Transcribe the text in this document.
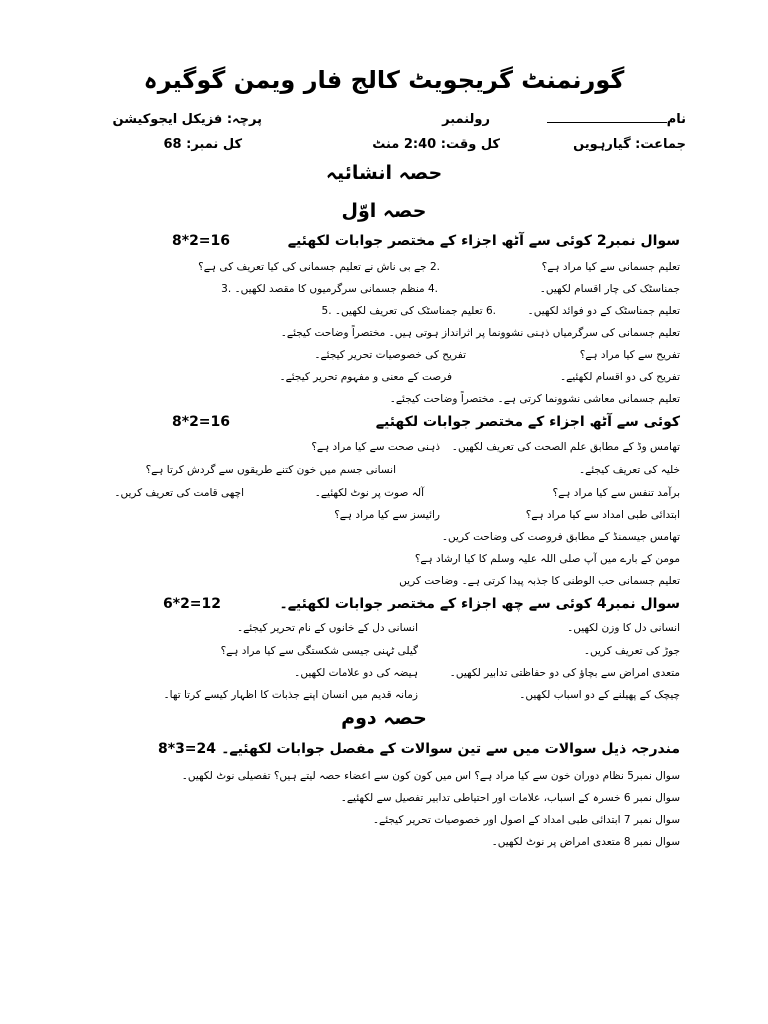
گورنمنٹ گریجویٹ کالج فار ویمن گوگیرہ
نام
رولنمبر
پرچہ: فزیکل ایجوکیشن
جماعت: گیارہویں
کل وقت: 2:40 منٹ
کل نمبر: 68
حصہ انشائیہ
حصہ اوّل
سوال نمبر2 کوئی سے آٹھ اجزاء کے مختصر جوابات لکھئیے
8*2=16
تعلیم جسمانی سے کیا مراد ہے؟
.2 جے بی ناش نے تعلیم جسمانی کی کیا تعریف کی ہے؟
جمناسٹک کی چار اقسام لکھیں۔
.4 منظم جسمانی سرگرمیوں کا مقصد لکھیں۔ .3
تعلیم جمناسٹک کے دو فوائد لکھیں۔
.6 تعلیم جمناسٹک کی تعریف لکھیں۔ .5
تعلیم جسمانی کی سرگرمیاں ذہنی نشوونما پر اثرانداز ہوتی ہیں۔ مختصراً وضاحت کیجئے۔
تفریح سے کیا مراد ہے؟
تفریح کی خصوصیات تحریر کیجئے۔
تفریح کی دو اقسام لکھئیے۔
فرصت کے معنی و مفہوم تحریر کیجئے۔
تعلیم جسمانی معاشی نشوونما کرتی ہے۔ مختصراً وضاحت کیجئے۔
کوئی سے آٹھ اجزاء کے مختصر جوابات لکھئیے
8*2=16
تھامس وڈ کے مطابق علم الصحت کی تعریف لکھیں۔
ذہنی صحت سے کیا مراد ہے؟
خلیہ کی تعریف کیجئے۔
انسانی جسم میں خون کتنے طریقوں سے گردش کرتا ہے؟
برآمد تنفس سے کیا مراد ہے؟
آلہ صوت پر نوٹ لکھئیے۔
اچھی قامت کی تعریف کریں۔
ابتدائی طبی امداد سے کیا مراد ہے؟
رائیسز سے کیا مراد ہے؟
تھامس جیسمنڈ کے مطابق فروصت کی وضاحت کریں۔
مومن کے بارے میں آپ صلی اللہ علیہ وسلم کا کیا ارشاد ہے؟
تعلیم جسمانی حب الوطنی کا جذبہ پیدا کرتی ہے۔ وضاحت کریں
سوال نمبر4 کوئی سے چھ اجزاء کے مختصر جوابات لکھئیے۔
6*2=12
انسانی دل کا وزن لکھیں۔
انسانی دل کے خانوں کے نام تحریر کیجئے۔
جوڑ کی تعریف کریں۔
گیلی ٹہنی جیسی شکستگی سے کیا مراد ہے؟
متعدی امراض سے بچاؤ کی دو حفاظتی تدابیر لکھیں۔
ہیضہ کی دو علامات لکھیں۔
چیچک کے پھیلنے کے دو اسباب لکھیں۔
زمانہ قدیم میں انسان اپنے جذبات کا اظہار کیسے کرتا تھا۔
حصہ دوم
مندرجہ ذیل سوالات میں سے تین سوالات کے مفصل جوابات لکھئیے۔
8*3=24
سوال نمبر5 نظام دوران خون سے کیا مراد ہے؟ اس میں کون کون سے اعضاء حصہ لیتے ہیں؟ تفصیلی نوٹ لکھیں۔
سوال نمبر 6 خسرہ کے اسباب، علامات اور احتیاطی تدابیر تفصیل سے لکھئیے۔
سوال نمبر 7 ابتدائی طبی امداد کے اصول اور خصوصیات تحریر کیجئے۔
سوال نمبر 8 متعدی امراض پر نوٹ لکھیں۔
